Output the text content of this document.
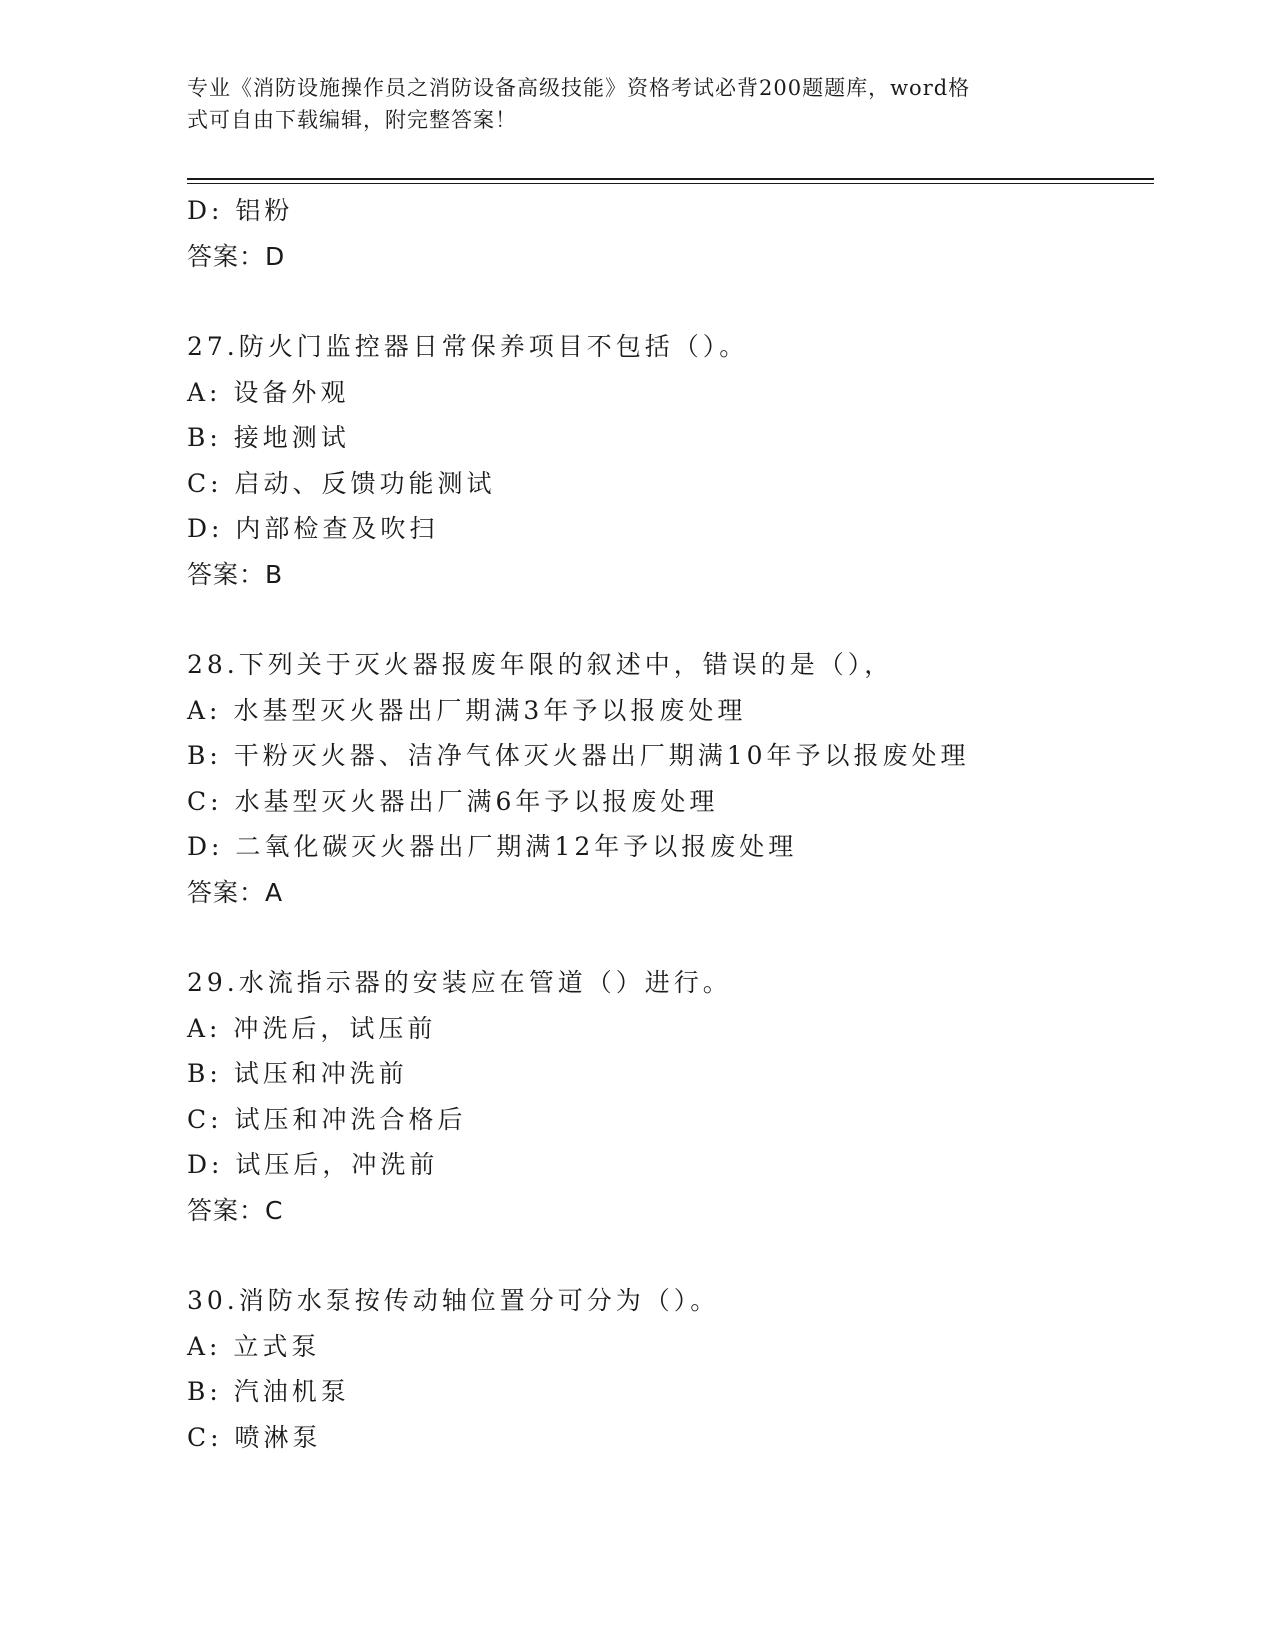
专业《消防设施操作员之消防设备高级技能》资格考试必背200题题库，word格
式可自由下载编辑，附完整答案！
D: 铝粉
答案：D
27.防火门监控器日常保养项目不包括（）。
A: 设备外观
B: 接地测试
C: 启动、反馈功能测试
D: 内部检查及吹扫
答案：B
28.下列关于灭火器报废年限的叙述中，错误的是（），
A: 水基型灭火器出厂期满3年予以报废处理
B: 干粉灭火器、洁净气体灭火器出厂期满10年予以报废处理
C: 水基型灭火器出厂满6年予以报废处理
D: 二氧化碳灭火器出厂期满12年予以报废处理
答案：A
29.水流指示器的安装应在管道（）进行。
A: 冲洗后，试压前
B: 试压和冲洗前
C: 试压和冲洗合格后
D: 试压后，冲洗前
答案：C
30.消防水泵按传动轴位置分可分为（）。
A: 立式泵
B: 汽油机泵
C: 喷淋泵
